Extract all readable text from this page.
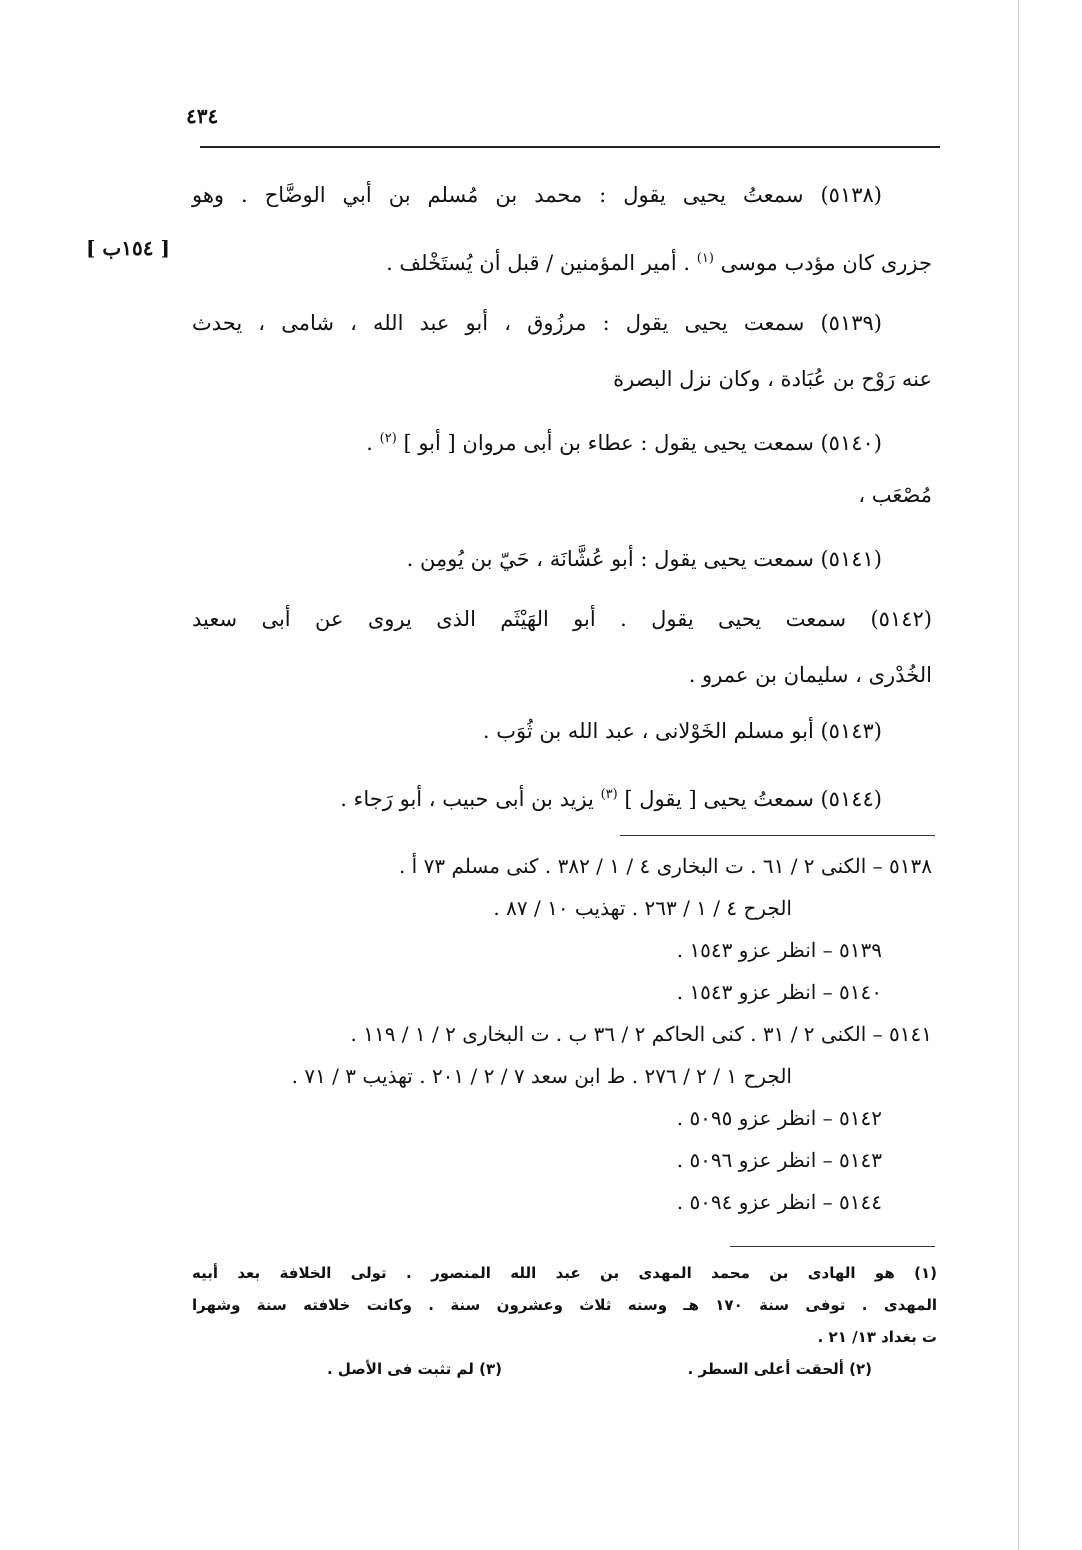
٤٣٤
[ ١٥٤ب ]
(٥١٣٨) سمعتُ يحيى يقول : محمد بن مُسلم بن أبي الوضَّاح . وهو
جزرى كان مؤدب موسى $^{(١)}$ . أمير المؤمنين / قبل أن يُستَخْلف .
(٥١٣٩) سمعت يحيى يقول : مرزُوق ، أبو عبد الله ، شامى ، يحدث
عنه رَوْح بن عُبَادة ، وكان نزل البصرة
(٥١٤٠) سمعت يحيى يقول : عطاء بن أبى مروان [ أبو ] $^{(٢)}$ .
مُصْعَب ،
(٥١٤١) سمعت يحيى يقول : أبو عُشَّانَة ، حَيّ بن يُومِن .
(٥١٤٢) سمعت يحيى يقول . أبو الهَيْثَم الذى يروى عن أبى سعيد
الخُدْرى ، سليمان بن عمرو .
(٥١٤٣) أبو مسلم الخَوْلانى ، عبد الله بن ثُوَب .
(٥١٤٤) سمعتُ يحيى [ يقول ] $^{(٣)}$ يزيد بن أبى حبيب ، أبو رَجاء .
٥١٣٨ – الكنى ٢ / ٦١ . ت البخارى ٤ / ١ / ٣٨٢ . كنى مسلم ٧٣ أ .
الجرح ٤ / ١ / ٢٦٣ . تهذيب ١٠ / ٨٧ .
٥١٣٩ – انظر عزو ١٥٤٣ .
٥١٤٠ – انظر عزو ١٥٤٣ .
٥١٤١ – الكنى ٢ / ٣١ . كنى الحاكم ٢ / ٣٦ ب . ت البخارى ٢ / ١ / ١١٩ .
الجرح ١ / ٢ / ٢٧٦ . ط ابن سعد ٧ / ٢ / ٢٠١ . تهذيب ٣ / ٧١ .
٥١٤٢ – انظر عزو ٥٠٩٥ .
٥١٤٣ – انظر عزو ٥٠٩٦ .
٥١٤٤ – انظر عزو ٥٠٩٤ .
(١) هو الهادى بن محمد المهدى بن عبد الله المنصور . تولى الخلافة بعد أبيه
المهدى . توفى سنة ١٧٠ هـ وسنه ثلاث وعشرون سنة . وكانت خلافته سنة وشهرا
ت بغداد ١٣/ ٢١ .
(٢) ألحقت أعلى السطر .
(٣) لم تثبت فى الأصل .
